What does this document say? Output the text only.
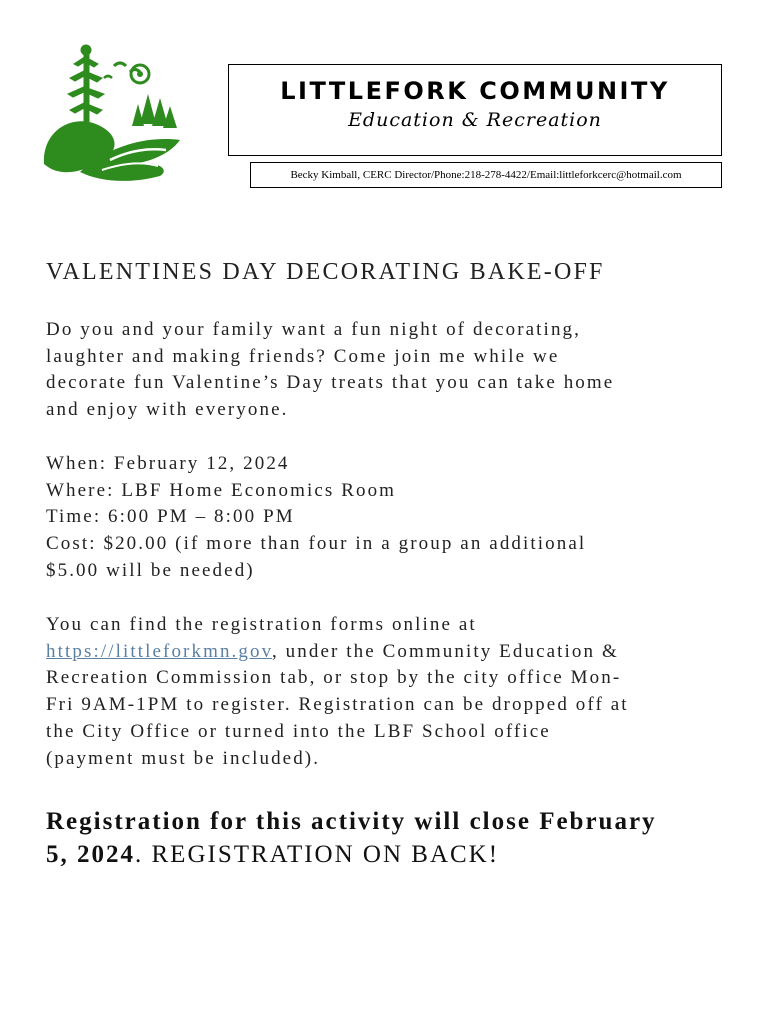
LITTLEFORK COMMUNITY
Education & Recreation
Becky Kimball, CERC Director/Phone:218-278-4422/Email:littleforkcerc@hotmail.com
VALENTINES DAY DECORATING BAKE-OFF

Do you and your family want a fun night of decorating,
laughter and making friends? Come join me while we
decorate fun Valentine’s Day treats that you can take home
and enjoy with everyone.

When: February 12, 2024
Where: LBF Home Economics Room
Time: 6:00 PM – 8:00 PM
Cost: $20.00 (if more than four in a group an additional
$5.00 will be needed)

You can find the registration forms online at
https://littleforkmn.gov, under the Community Education &
Recreation Commission tab, or stop by the city office Mon-
Fri 9AM-1PM to register. Registration can be dropped off at
the City Office or turned into the LBF School office
(payment must be included).

Registration for this activity will close February
5, 2024. REGISTRATION ON BACK!
